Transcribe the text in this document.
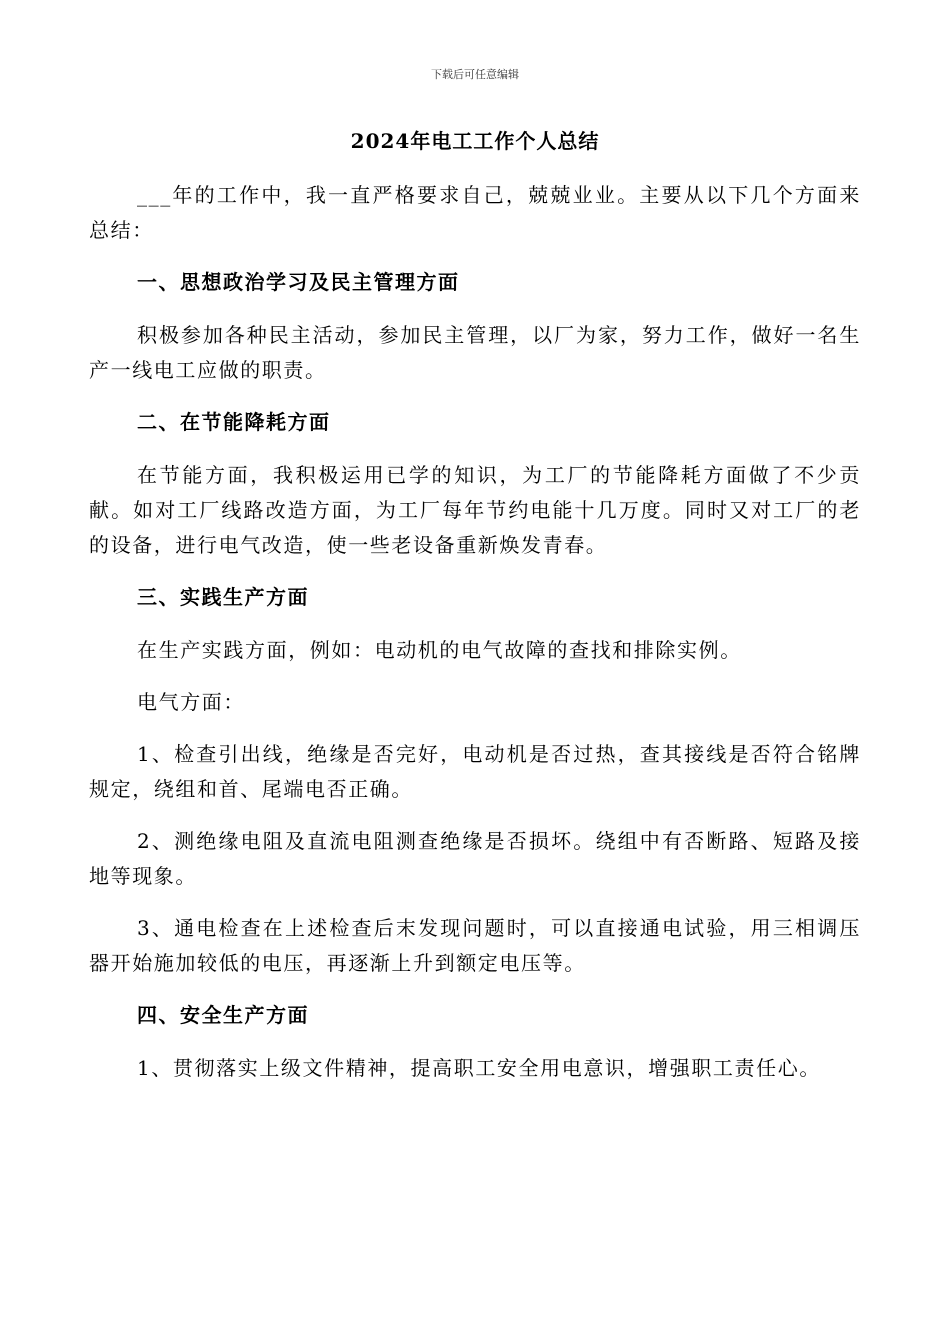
下载后可任意编辑
2024年电工工作个人总结

___年的工作中，我一直严格要求自己，兢兢业业。主要从以下几个方面来总结：

一、思想政治学习及民主管理方面

积极参加各种民主活动，参加民主管理，以厂为家，努力工作，做好一名生产一线电工应做的职责。

二、在节能降耗方面

在节能方面，我积极运用已学的知识，为工厂的节能降耗方面做了不少贡献。如对工厂线路改造方面，为工厂每年节约电能十几万度。同时又对工厂的老的设备，进行电气改造，使一些老设备重新焕发青春。

三、实践生产方面

在生产实践方面，例如：电动机的电气故障的查找和排除实例。

电气方面：

1、检查引出线，绝缘是否完好，电动机是否过热，查其接线是否符合铭牌规定，绕组和首、尾端电否正确。

2、测绝缘电阻及直流电阻测查绝缘是否损坏。绕组中有否断路、短路及接地等现象。

3、通电检查在上述检查后末发现问题时，可以直接通电试验，用三相调压器开始施加较低的电压，再逐渐上升到额定电压等。

四、安全生产方面

1、贯彻落实上级文件精神，提高职工安全用电意识，增强职工责任心。
